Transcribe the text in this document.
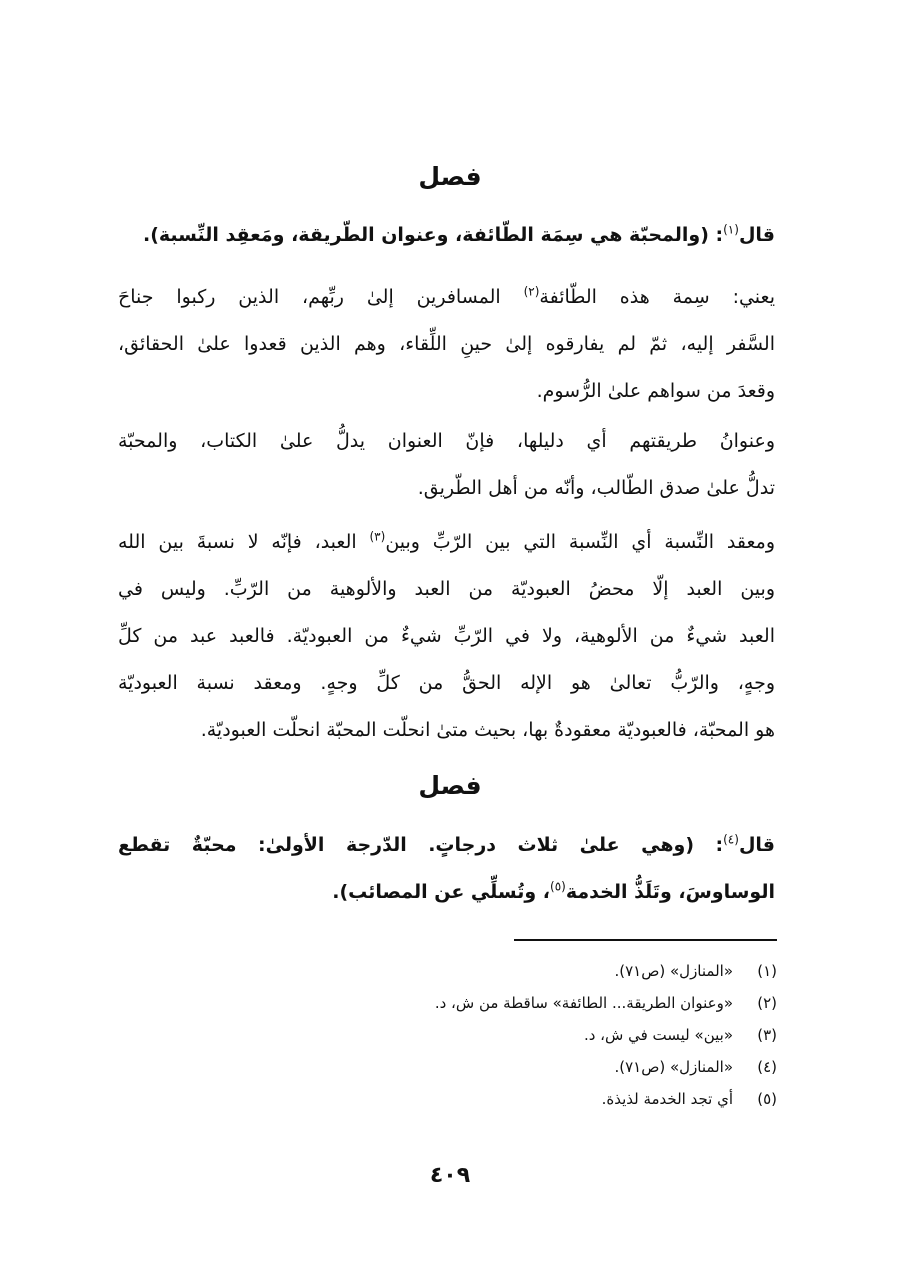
فصل
قال$^{(١)}$: (والمحبّة هي سِمَة الطّائفة، وعنوان الطّريقة، ومَعقِد النِّسبة).
يعني: سِمة هذه الطّائفة$^{(٢)}$ المسافرين إلىٰ ربِّهم، الذين ركبوا جناحَ
السَّفر إليه، ثمّ لم يفارقوه إلىٰ حينِ اللِّقاء، وهم الذين قعدوا علىٰ الحقائق،
وقعدَ من سواهم علىٰ الرُّسوم.
وعنوانُ طريقتهم أي دليلها، فإنّ العنوان يدلُّ علىٰ الكتاب، والمحبّة
تدلُّ علىٰ صدق الطّالب، وأنّه من أهل الطّريق.
ومعقد النِّسبة أي النِّسبة التي بين الرّبِّ وبين$^{(٣)}$ العبد، فإنّه لا نسبةَ بين الله
وبين العبد إلّا محضُ العبوديّة من العبد والألوهية من الرّبِّ. وليس في
العبد شيءٌ من الألوهية، ولا في الرّبِّ شيءٌ من العبوديّة. فالعبد عبد من كلِّ
وجهٍ، والرّبُّ تعالىٰ هو الإله الحقُّ من كلِّ وجهٍ. ومعقد نسبة العبوديّة
هو المحبّة، فالعبوديّة معقودةٌ بها، بحيث متىٰ انحلّت المحبّة انحلّت العبوديّة.
فصل
قال$^{(٤)}$: (وهي علىٰ ثلاث درجاتٍ. الدّرجة الأولىٰ: محبّةٌ تقطع
الوساوسَ، وتَلَذُّ الخدمة$^{(٥)}$، وتُسلِّي عن المصائب).
(١)«المنازل» (ص٧١).
(٢)«وعنوان الطريقة... الطائفة» ساقطة من ش، د.
(٣)«بين» ليست في ش، د.
(٤)«المنازل» (ص٧١).
(٥)أي تجد الخدمة لذيذة.
٤٠٩
